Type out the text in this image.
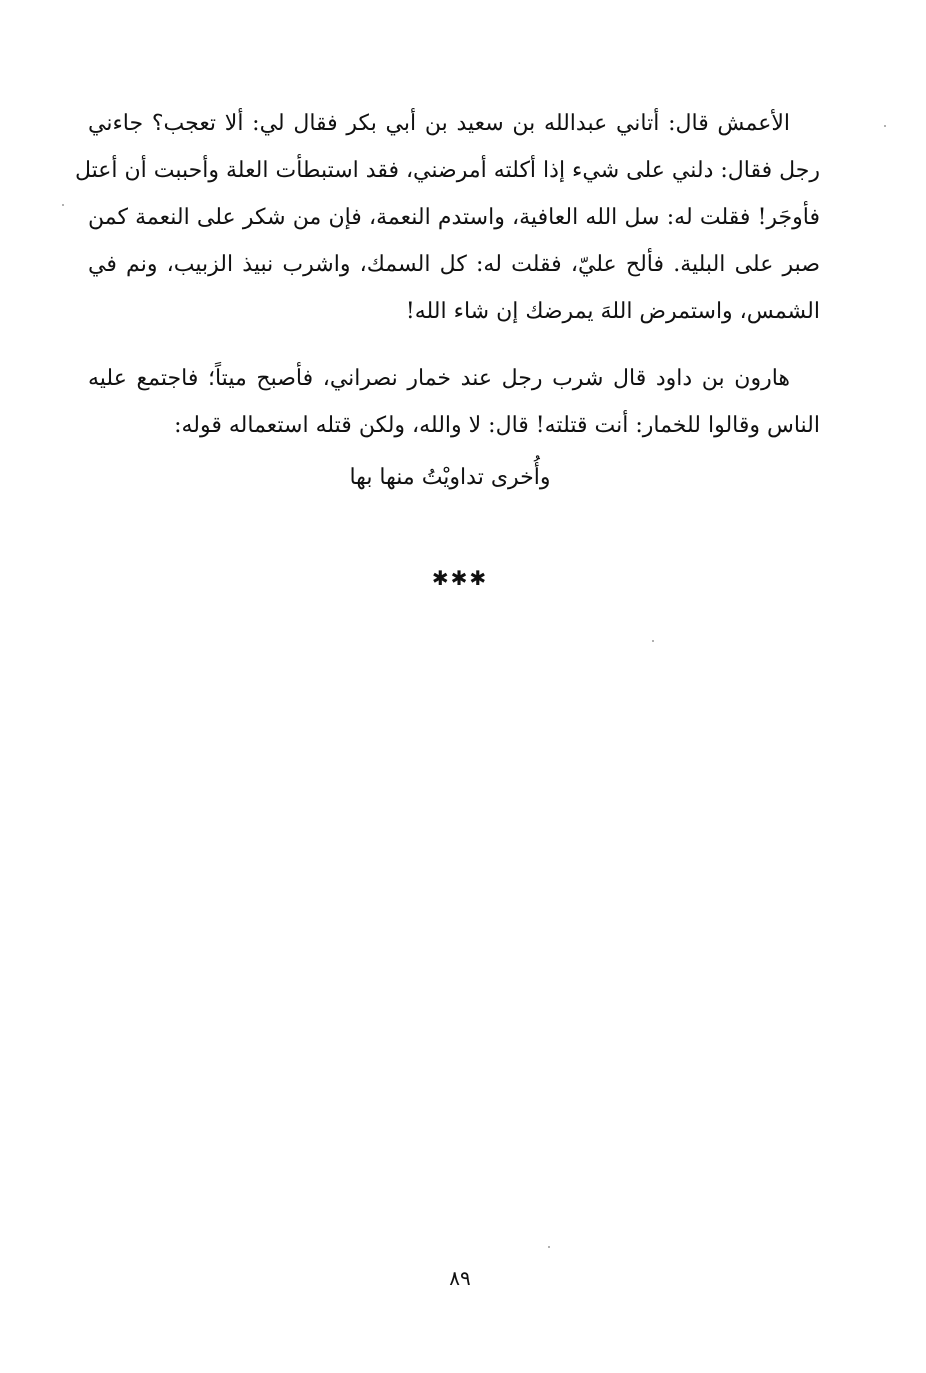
الأعمش قال: أتاني عبدالله بن سعيد بن أبي بكر فقال لي: ألا تعجب؟ جاءني
رجل فقال: دلني على شيء إذا أكلته أمرضني، فقد استبطأت العلة وأحببت أن أعتل
فأوجَر! فقلت له: سل الله العافية، واستدم النعمة، فإن من شكر على النعمة كمن
صبر على البلية. فألح عليّ، فقلت له: كل السمك، واشرب نبيذ الزبيب، ونم في
الشمس، واستمرض اللهَ يمرضك إن شاء الله!
هارون بن داود قال شرب رجل عند خمار نصراني، فأصبح ميتاً؛ فاجتمع عليه
الناس وقالوا للخمار: أنت قتلته! قال: لا والله، ولكن قتله استعماله قوله:
وأُخرى تداويْتُ منها بها
✱✱✱
٨٩
